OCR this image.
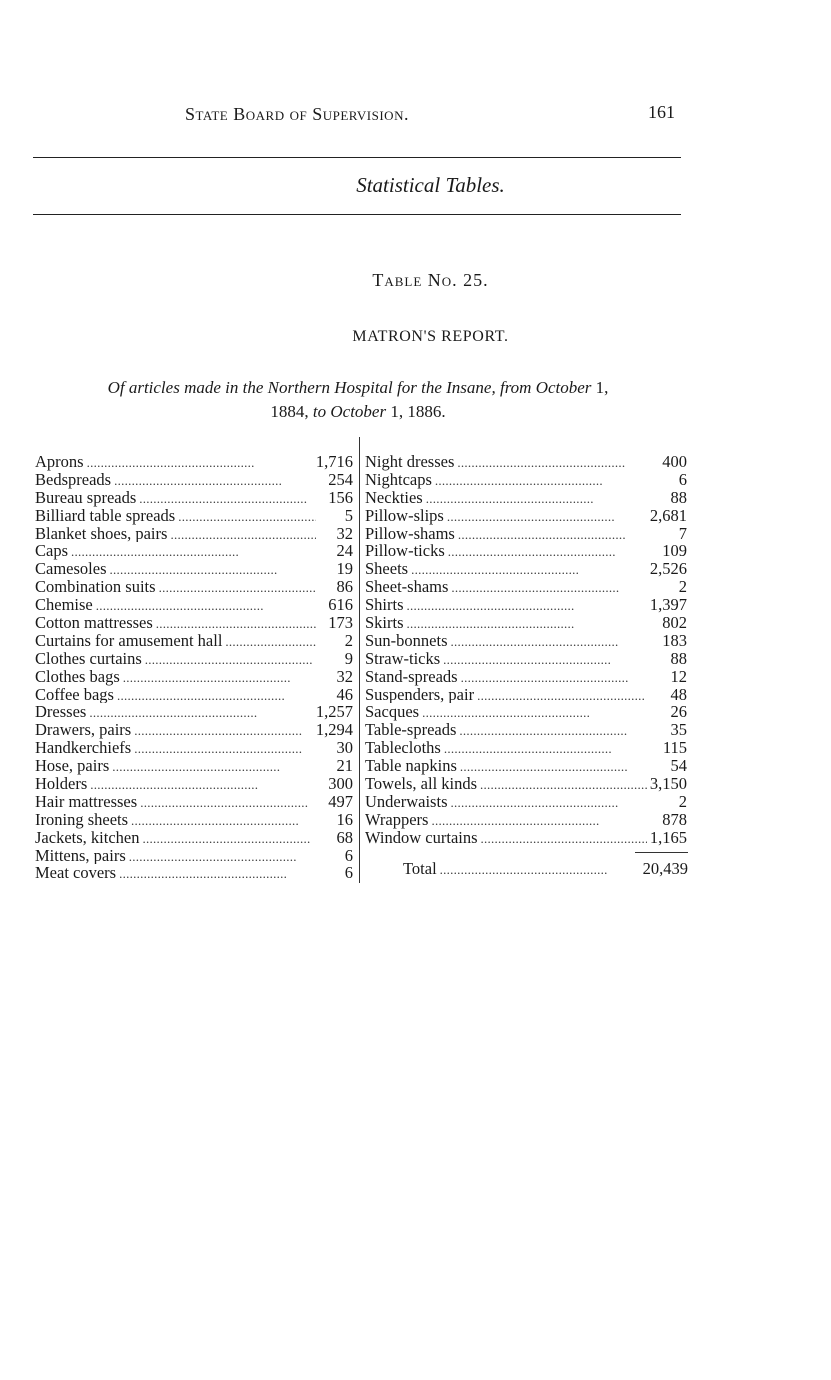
State Board of Supervision.	161
Statistical Tables.
Table No. 25.
MATRON'S REPORT.
Of articles made in the Northern Hospital for the Insane, from October 1,
1884, to October 1, 1886.
Aprons . . .	1,716
Bedspreads . . .	254
Bureau spreads . . .	156
Billiard table spreads . . .	5
Blanket shoes, pairs . . .	32
Caps . . .	24
Camesoles . . .	19
Combination suits . . .	86
Chemise . . .	616
Cotton mattresses . . .	173
Curtains for amusement hall . . .	2
Clothes curtains . . .	9
Clothes bags . . .	32
Coffee bags . . .	46
Dresses . . .	1,257
Drawers, pairs . . .	1,294
Handkerchiefs . . .	30
Hose, pairs . . .	21
Holders . . .	300
Hair mattresses . . .	497
Ironing sheets . . .	16
Jackets, kitchen . . .	68
Mittens, pairs . . .	6
Meat covers . . .	6
Night dresses . . .	400
Nightcaps . . .	6
Neckties . . .	88
Pillow-slips . . .	2,681
Pillow-shams . . .	7
Pillow-ticks . . .	109
Sheets . . .	2,526
Sheet-shams . . .	2
Shirts . . .	1,397
Skirts . . .	802
Sun-bonnets . . .	183
Straw-ticks . . .	88
Stand-spreads . . .	12
Suspenders, pair . . .	48
Sacques . . .	26
Table-spreads . . .	35
Tablecloths . . .	115
Table napkins . . .	54
Towels, all kinds . . .	3,150
Underwaists . . .	2
Wrappers . . .	878
Window curtains . . .	1,165
Total . . .	20,439
